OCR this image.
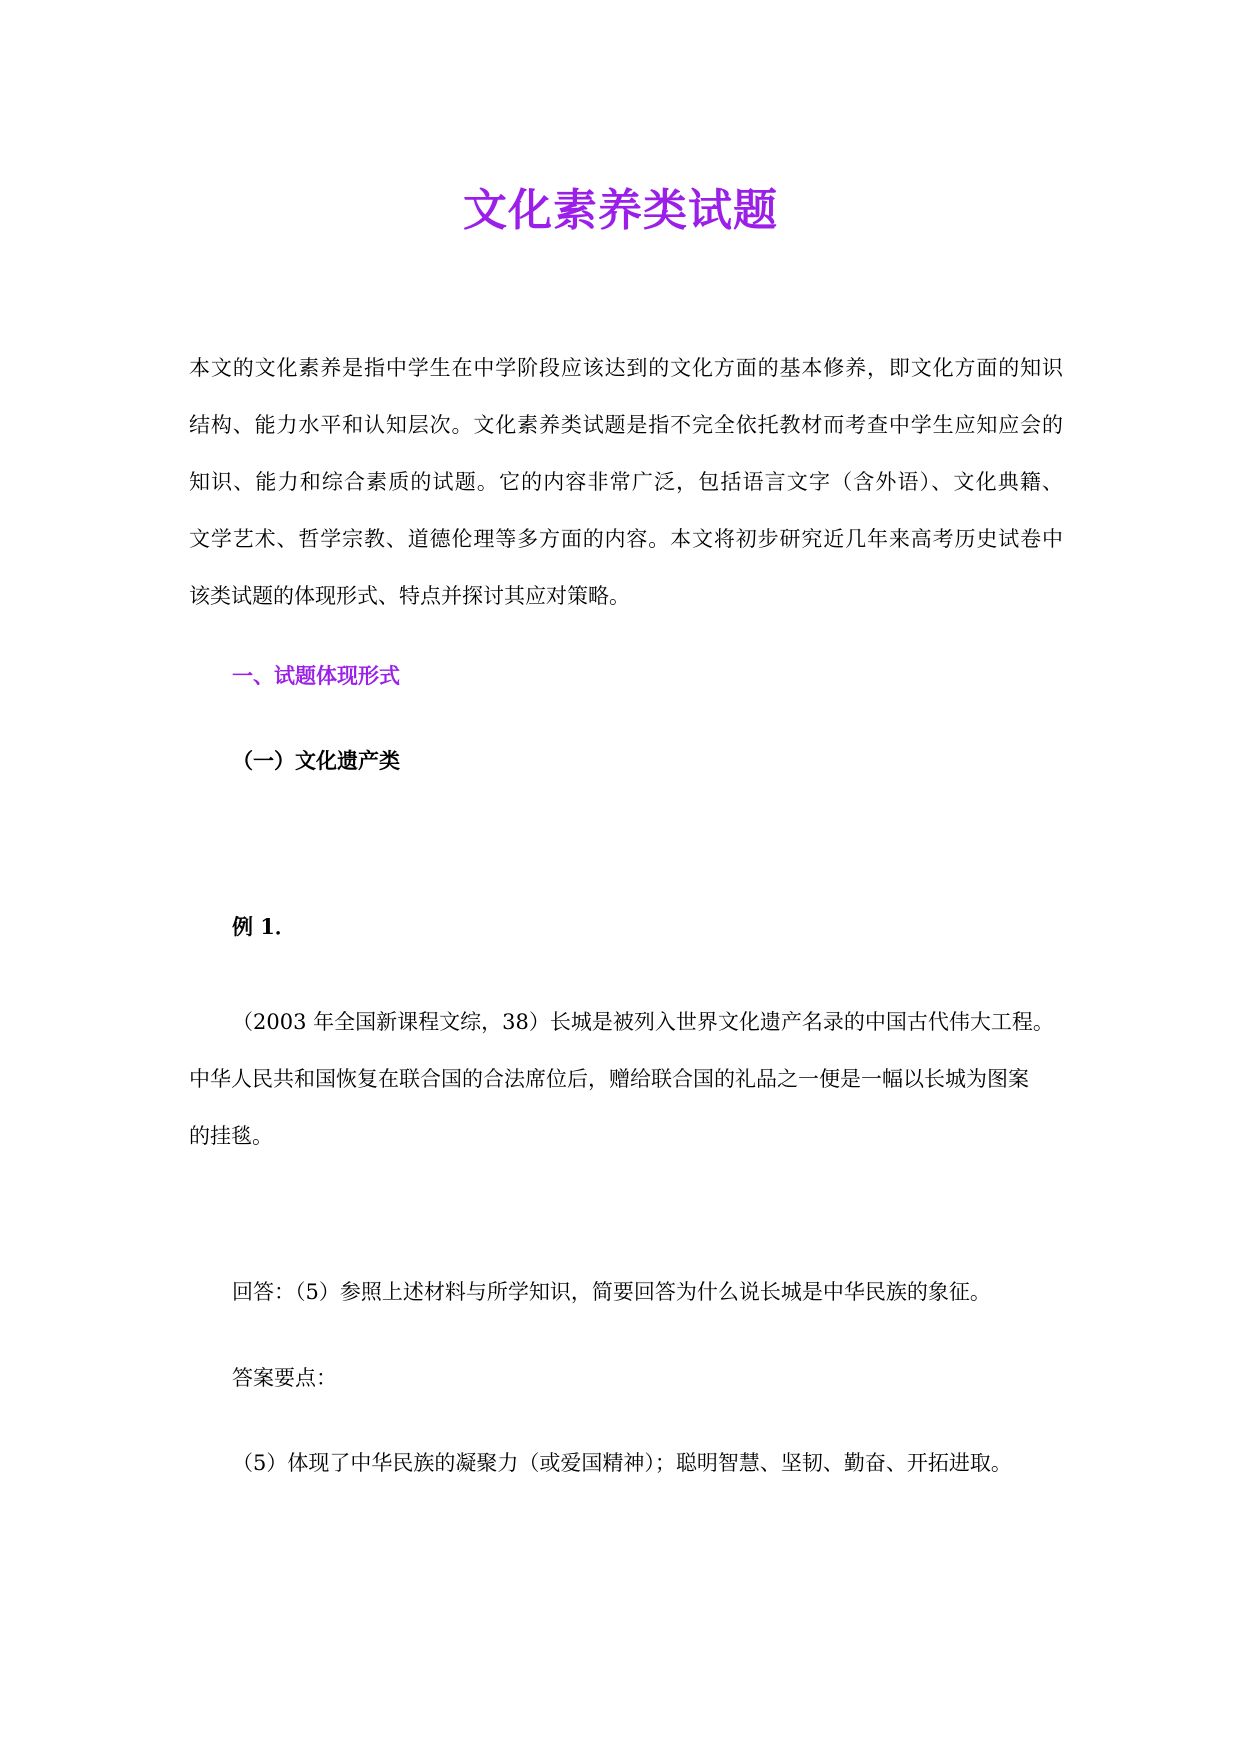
文化素养类试题

本文的文化素养是指中学生在中学阶段应该达到的文化方面的基本修养，即文化方面的知识
结构、能力水平和认知层次。文化素养类试题是指不完全依托教材而考查中学生应知应会的
知识、能力和综合素质的试题。它的内容非常广泛，包括语言文字（含外语）、文化典籍、
文学艺术、哲学宗教、道德伦理等多方面的内容。本文将初步研究近几年来高考历史试卷中
该类试题的体现形式、特点并探讨其应对策略。

一、试题体现形式
（一）文化遗产类

例 1．

（2003 年全国新课程文综，38）长城是被列入世界文化遗产名录的中国古代伟大工程。
中华人民共和国恢复在联合国的合法席位后，赠给联合国的礼品之一便是一幅以长城为图案
的挂毯。

回答：（5）参照上述材料与所学知识，简要回答为什么说长城是中华民族的象征。

答案要点：

（5）体现了中华民族的凝聚力（或爱国精神）；聪明智慧、坚韧、勤奋、开拓进取。
